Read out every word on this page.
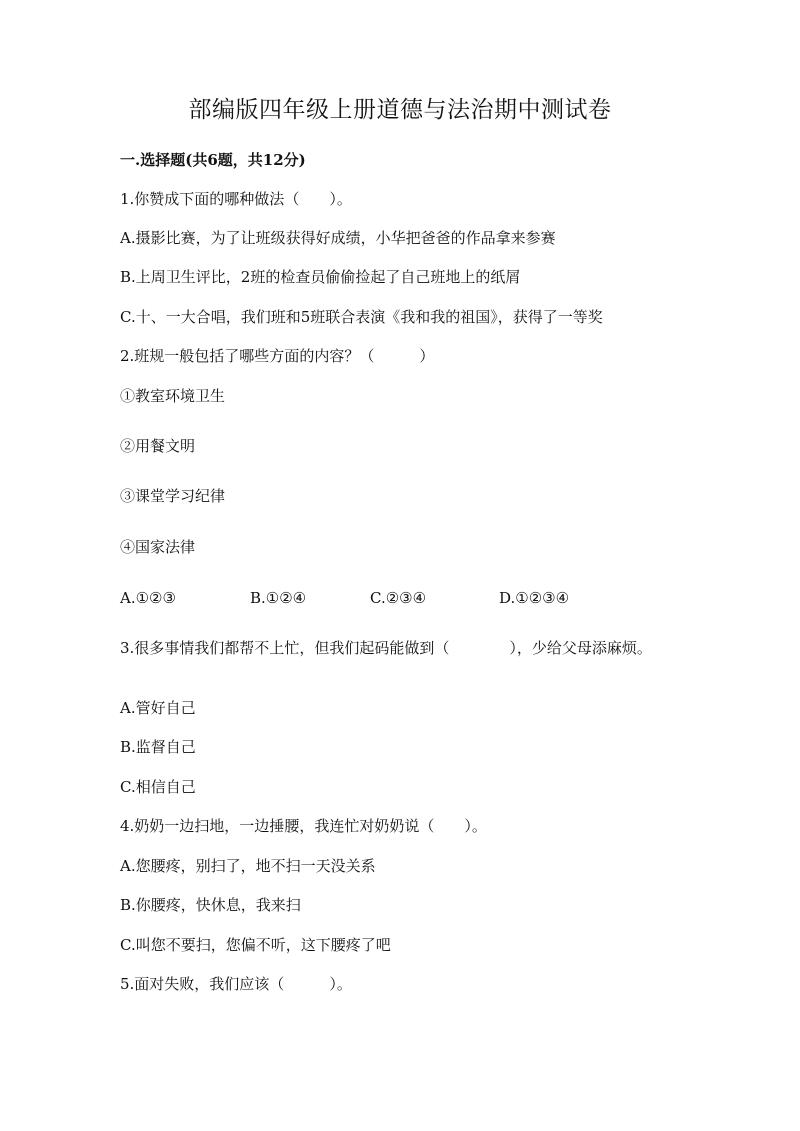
部编版四年级上册道德与法治期中测试卷
一.选择题(共6题，共12分)
1.你赞成下面的哪种做法（　　）。
A.摄影比赛，为了让班级获得好成绩，小华把爸爸的作品拿来参赛
B.上周卫生评比，2班的检查员偷偷捡起了自己班地上的纸屑
C.十、一大合唱，我们班和5班联合表演《我和我的祖国》，获得了一等奖
2.班规一般包括了哪些方面的内容？（　　　）
①教室环境卫生
②用餐文明
③课堂学习纪律
④国家法律
A.①②③	B.①②④	C.②③④	D.①②③④
3.很多事情我们都帮不上忙，但我们起码能做到（　　　　），少给父母添麻烦。
A.管好自己
B.监督自己
C.相信自己
4.奶奶一边扫地，一边捶腰，我连忙对奶奶说（　　）。
A.您腰疼，别扫了，地不扫一天没关系
B.你腰疼，快休息，我来扫
C.叫您不要扫，您偏不听，这下腰疼了吧
5.面对失败，我们应该（　　　）。
